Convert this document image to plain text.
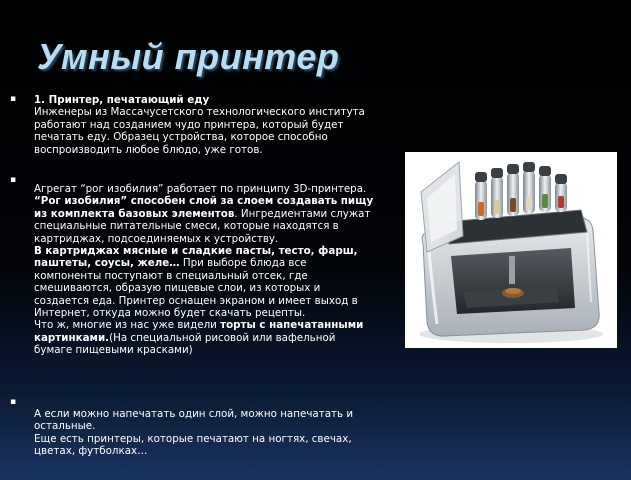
Умный принтер
▪ 1. Принтер, печатающий еду

Инженеры из Массачусетского технологического института работают над созданием чудо принтера, который будет печатать еду. Образец устройства, которое способно воспроизводить любое блюдо, уже готов.

▪

Агрегат “рог изобилия” работает по принципу 3D-принтера. “Рог изобилия” способен слой за слоем создавать пищу из комплекта базовых элементов. Ингредиентами служат специальные питательные смеси, которые находятся в картриджах, подсоединяемых к устройству.

В картриджах мясные и сладкие пасты, тесто, фарш, паштеты, соусы, желе… При выборе блюда все компоненты поступают в специальный отсек, где смешиваются, образую пищевые слои, из которых и создается еда. Принтер оснащен экраном и имеет выход в Интернет, откуда можно будет скачать рецепты.

Что ж, многие из нас уже видели торты с напечатанными картинками.(На специальной рисовой или вафельной бумаге пищевыми красками)

▪

А если можно напечатать один слой, можно напечатать и остальные.

Еще есть принтеры, которые печатают на ногтях, свечах, цветах, футболках…
